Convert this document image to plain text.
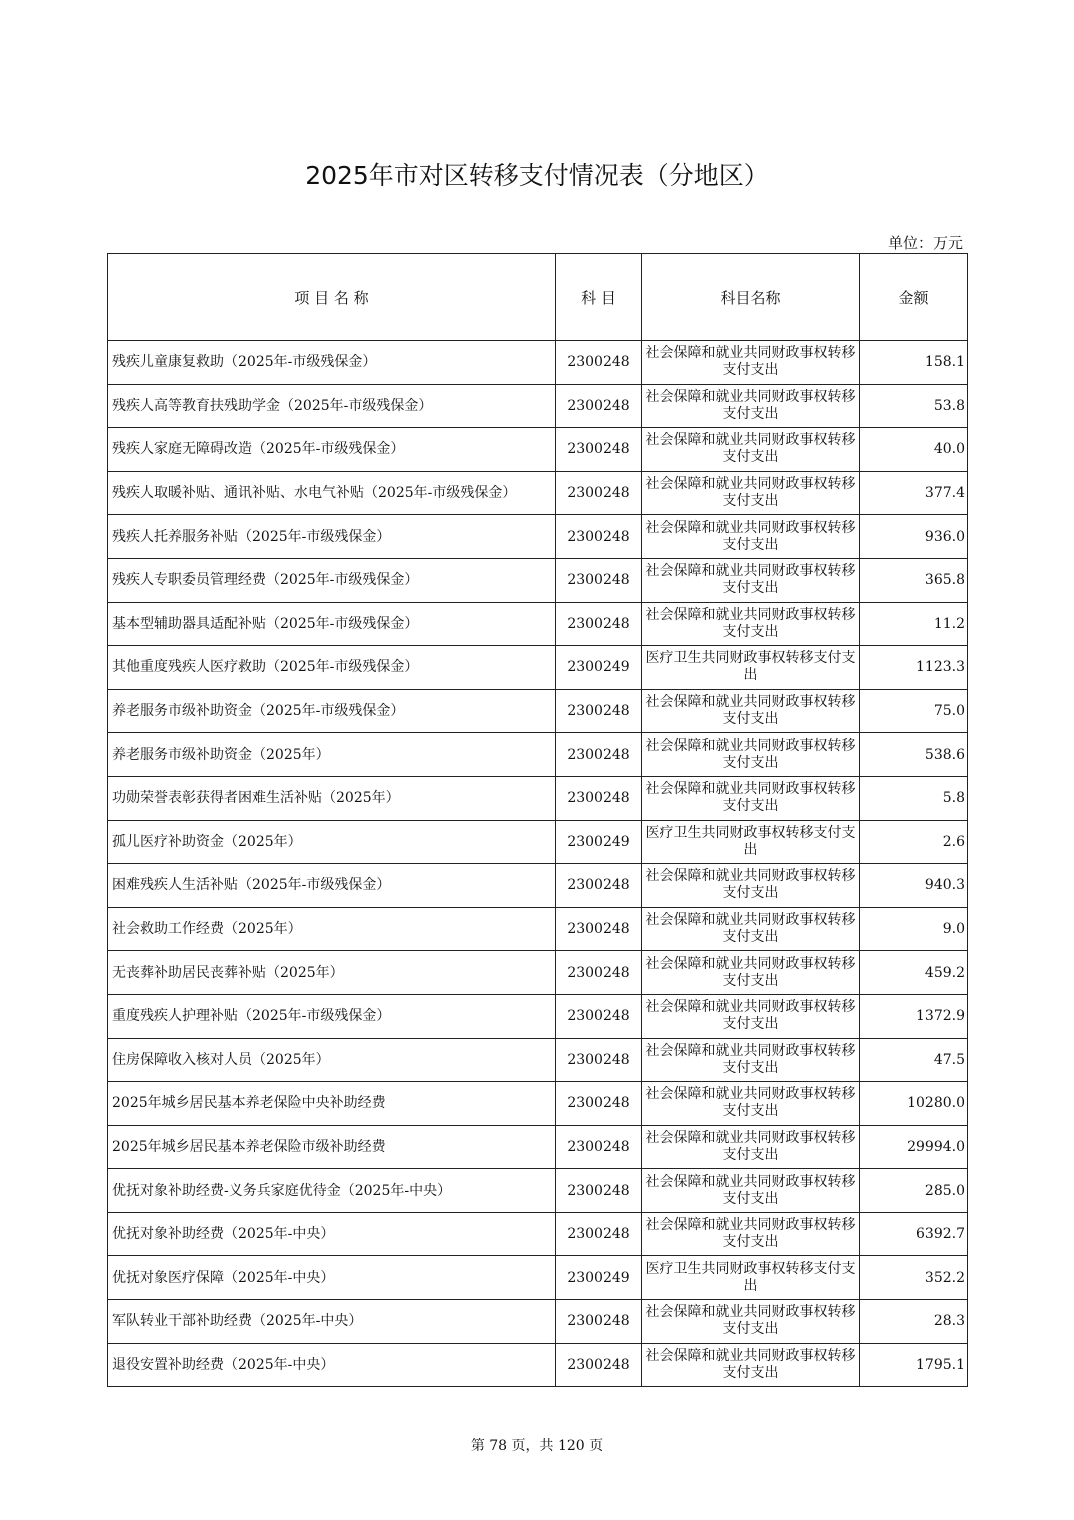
2025年市对区转移支付情况表（分地区）
单位：万元
项 目 名 称	科 目	科目名称	金额
残疾儿童康复救助（2025年-市级残保金）	2300248	社会保障和就业共同财政事权转移支付支出	158.1
残疾人高等教育扶残助学金（2025年-市级残保金）	2300248	社会保障和就业共同财政事权转移支付支出	53.8
残疾人家庭无障碍改造（2025年-市级残保金）	2300248	社会保障和就业共同财政事权转移支付支出	40.0
残疾人取暖补贴、通讯补贴、水电气补贴（2025年-市级残保金）	2300248	社会保障和就业共同财政事权转移支付支出	377.4
残疾人托养服务补贴（2025年-市级残保金）	2300248	社会保障和就业共同财政事权转移支付支出	936.0
残疾人专职委员管理经费（2025年-市级残保金）	2300248	社会保障和就业共同财政事权转移支付支出	365.8
基本型辅助器具适配补贴（2025年-市级残保金）	2300248	社会保障和就业共同财政事权转移支付支出	11.2
其他重度残疾人医疗救助（2025年-市级残保金）	2300249	医疗卫生共同财政事权转移支付支出	1123.3
养老服务市级补助资金（2025年-市级残保金）	2300248	社会保障和就业共同财政事权转移支付支出	75.0
养老服务市级补助资金（2025年）	2300248	社会保障和就业共同财政事权转移支付支出	538.6
功勋荣誉表彰获得者困难生活补贴（2025年）	2300248	社会保障和就业共同财政事权转移支付支出	5.8
孤儿医疗补助资金（2025年）	2300249	医疗卫生共同财政事权转移支付支出	2.6
困难残疾人生活补贴（2025年-市级残保金）	2300248	社会保障和就业共同财政事权转移支付支出	940.3
社会救助工作经费（2025年）	2300248	社会保障和就业共同财政事权转移支付支出	9.0
无丧葬补助居民丧葬补贴（2025年）	2300248	社会保障和就业共同财政事权转移支付支出	459.2
重度残疾人护理补贴（2025年-市级残保金）	2300248	社会保障和就业共同财政事权转移支付支出	1372.9
住房保障收入核对人员（2025年）	2300248	社会保障和就业共同财政事权转移支付支出	47.5
2025年城乡居民基本养老保险中央补助经费	2300248	社会保障和就业共同财政事权转移支付支出	10280.0
2025年城乡居民基本养老保险市级补助经费	2300248	社会保障和就业共同财政事权转移支付支出	29994.0
优抚对象补助经费-义务兵家庭优待金（2025年-中央）	2300248	社会保障和就业共同财政事权转移支付支出	285.0
优抚对象补助经费（2025年-中央）	2300248	社会保障和就业共同财政事权转移支付支出	6392.7
优抚对象医疗保障（2025年-中央）	2300249	医疗卫生共同财政事权转移支付支出	352.2
军队转业干部补助经费（2025年-中央）	2300248	社会保障和就业共同财政事权转移支付支出	28.3
退役安置补助经费（2025年-中央）	2300248	社会保障和就业共同财政事权转移支付支出	1795.1
第 78 页，共 120 页
